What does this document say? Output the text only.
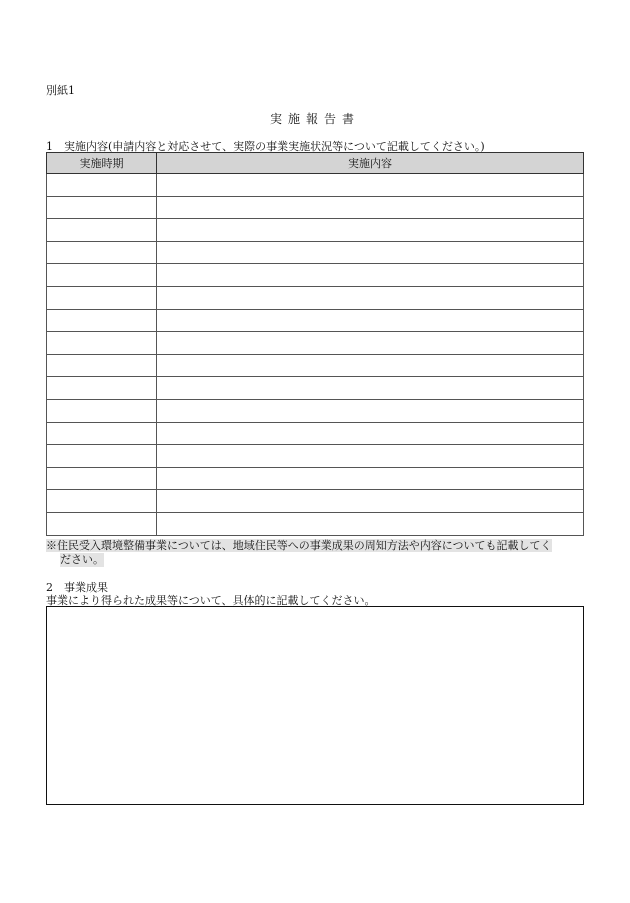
別紙1
実施報告書
1　実施内容(申請内容と対応させて、実際の事業実施状況等について記載してください。)
実施時期	実施内容

※住民受入環境整備事業については、地域住民等への事業成果の周知方法や内容についても記載してく
ださい。
2　事業成果
事業により得られた成果等について、具体的に記載してください。
